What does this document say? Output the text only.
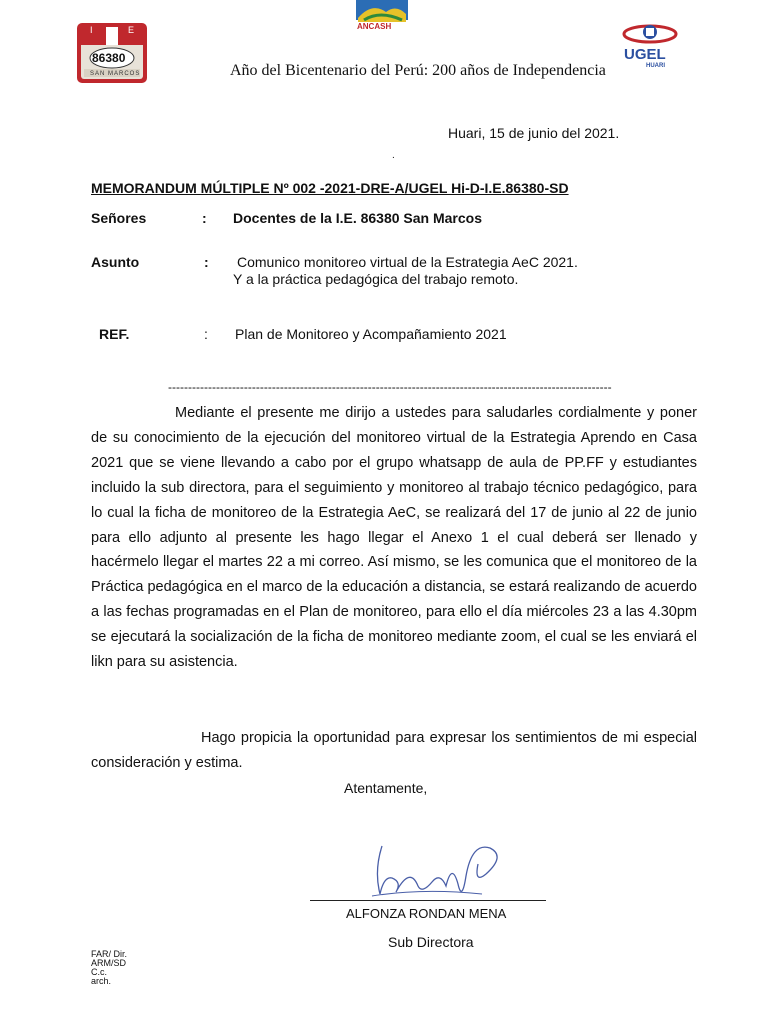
I	E
86380
SAN MARCOS
ANCASH
UGEL
HUARI
Año del Bicentenario del Perú: 200 años de Independencia
Huari, 15 de junio del 2021.
.
MEMORANDUM MÚLTIPLE Nº 002 -2021-DRE-A/UGEL Hi-D-I.E.86380-SD
Señores	: Docentes de la I.E. 86380 San Marcos
Asunto	: Comunico monitoreo virtual de la Estrategia AeC 2021.
Y a la práctica pedagógica del trabajo remoto.
REF.	: Plan de Monitoreo y Acompañamiento 2021
---------------------------------------------------------------------------------------------------------------

Mediante el presente me dirijo a ustedes para saludarles cordialmente y poner de su conocimiento de la ejecución del monitoreo virtual de la Estrategia Aprendo en Casa 2021 que se viene llevando a cabo por el grupo whatsapp de aula de PP.FF y estudiantes incluido la sub directora, para el seguimiento y monitoreo al trabajo técnico pedagógico, para lo cual la ficha de monitoreo de la Estrategia AeC, se realizará del 17 de junio al 22 de junio para ello adjunto al presente les hago llegar el Anexo 1 el cual deberá ser llenado y hacérmelo llegar el martes 22 a mi correo. Así mismo, se les comunica que el monitoreo de la Práctica pedagógica en el marco de la educación a distancia, se estará realizando de acuerdo a las fechas programadas en el Plan de monitoreo, para ello el día miércoles 23 a las 4.30pm se ejecutará la socialización de la ficha de monitoreo mediante zoom, el cual se les enviará el likn para su asistencia.

Hago propicia la oportunidad para expresar los sentimientos de mi especial consideración y estima.

Atentamente,
ALFONZA RONDAN MENA
Sub Directora
FAR/ Dir.
ARM/SD
C.c.
arch.
